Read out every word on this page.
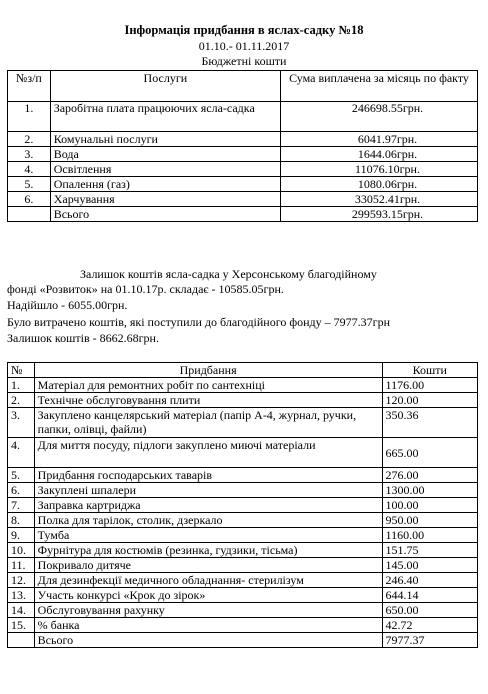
Інформація придбання в яслах-садку №18
01.10.- 01.11.2017
Бюджетні кошти
№з/п	Послуги	Сума виплачена за місяць по факту
1.	Заробітна плата працюючих ясла-садка	246698.55грн.
2.	Комунальні послуги	6041.97грн.
3.	Вода	1644.06грн.
4.	Освітлення	11076.10грн.
5.	Опалення (газ)	1080.06грн.
6.	Харчування	33052.41грн.
	Всього	299593.15грн.
Залишок коштів ясла-садка у Херсонському благодійному
фонді «Розвиток» на 01.10.17р. складає - 10585.05грн.
Надійшло - 6055.00грн.
Було витрачено коштів, які поступили до благодійного фонду – 7977.37грн
Залишок коштів - 8662.68грн.
№	Придбання	Кошти
1.	Матеріал для ремонтних робіт по сантехніці	1176.00
2.	Технічне обслуговування плити	120.00
3.	Закуплено канцелярський матеріал (папір А-4, журнал, ручки, папки, олівці, файли)	350.36
4.	Для миття посуду, підлоги закуплено миючі матеріали	665.00
5.	Придбання господарських таварів	276.00
6.	Закуплені шпалери	1300.00
7.	Заправка картриджа	100.00
8.	Полка для тарілок, столик, дзеркало	950.00
9.	Тумба	1160.00
10.	Фурнітура для костюмів (резинка, гудзики, тісьма)	151.75
11.	Покривало дитяче	145.00
12.	Для дезинфекції медичного обладнання- стерилізум	246.40
13.	Участь конкурсі «Крок до зірок»	644.14
14.	Обслуговування рахунку	650.00
15.	% банка	42.72
	Всього	7977.37
